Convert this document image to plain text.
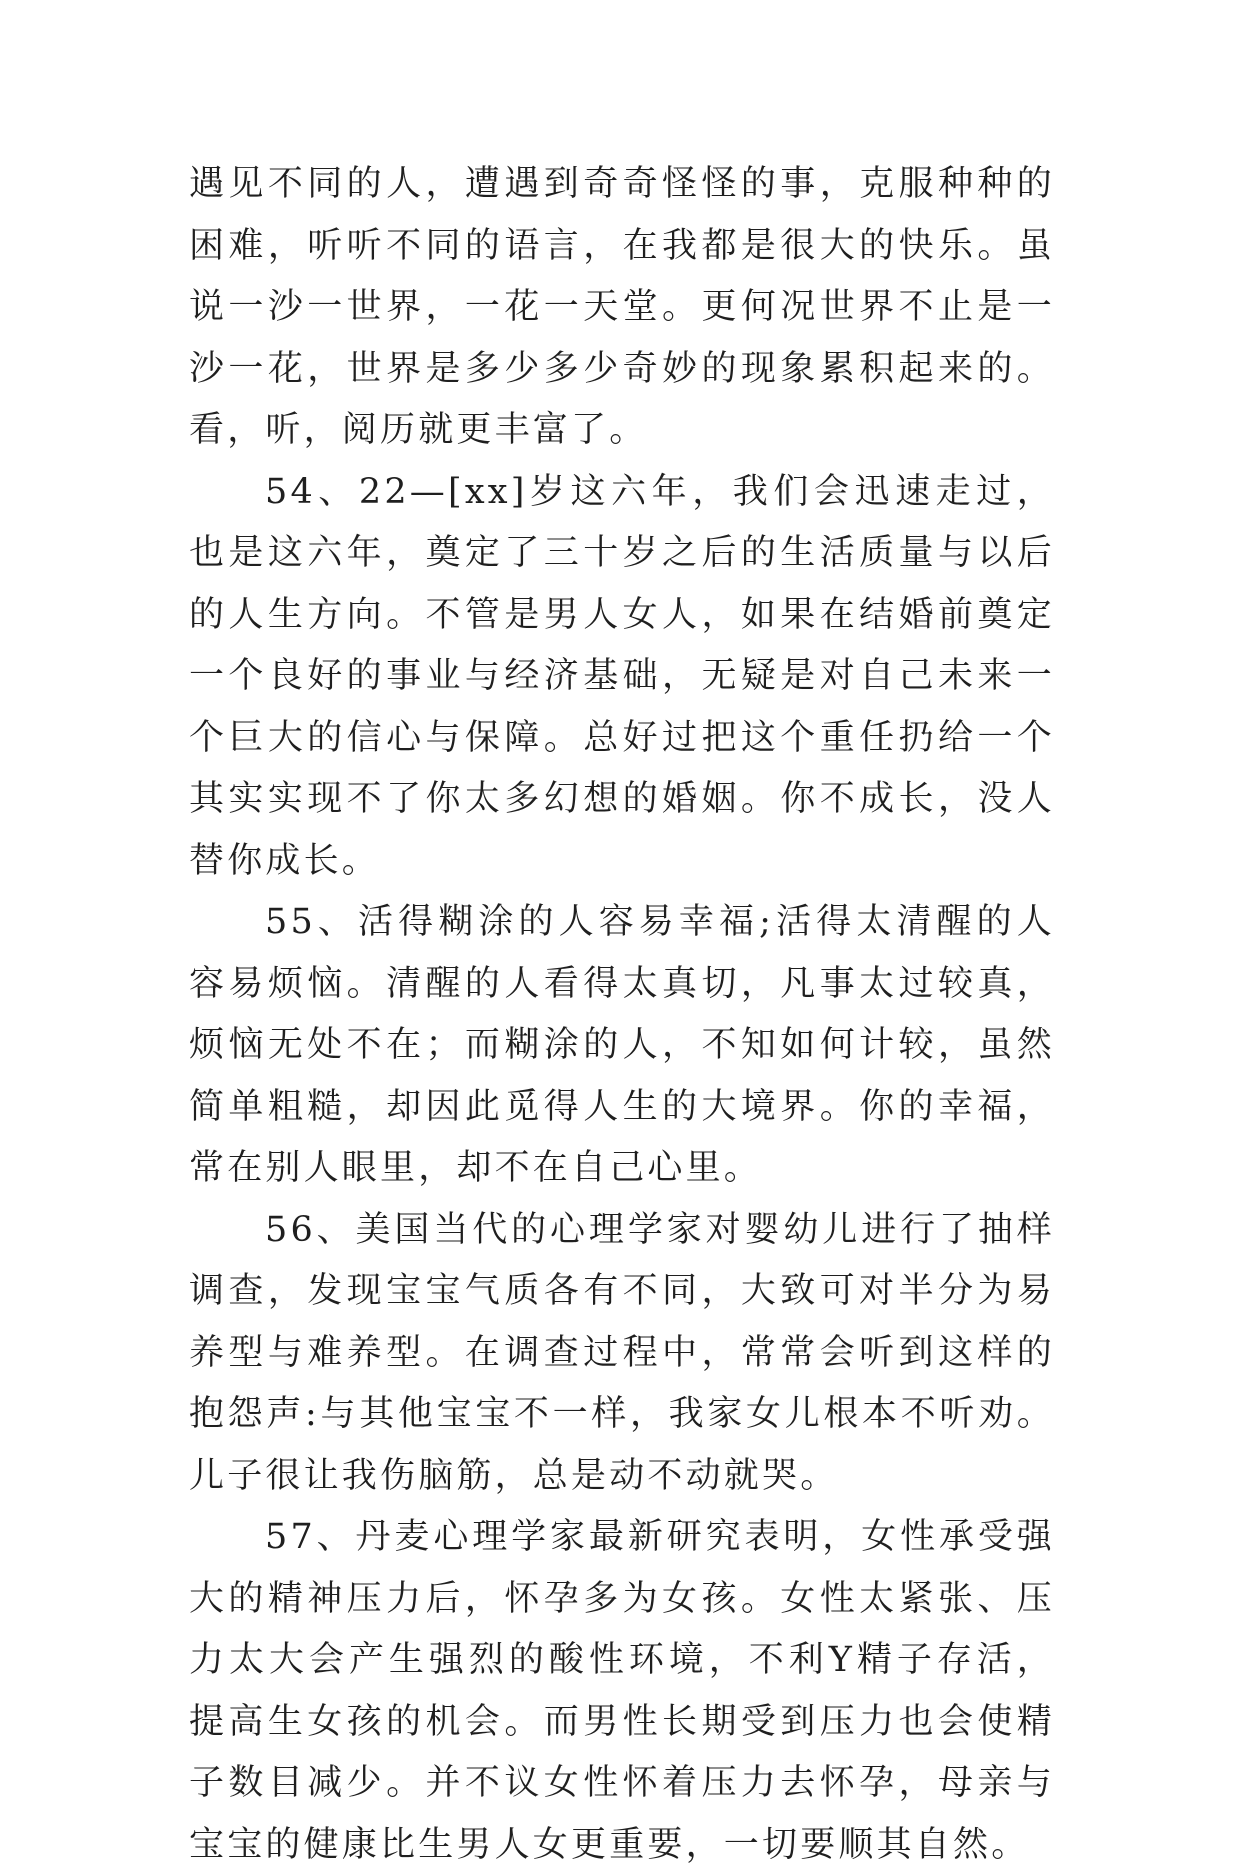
遇见不同的人，遭遇到奇奇怪怪的事，克服种种的困难，听听不同的语言，在我都是很大的快乐。虽说一沙一世界，一花一天堂。更何况世界不止是一沙一花，世界是多少多少奇妙的现象累积起来的。看，听，阅历就更丰富了。

54、22—[xx]岁这六年，我们会迅速走过，也是这六年，奠定了三十岁之后的生活质量与以后的人生方向。不管是男人女人，如果在结婚前奠定一个良好的事业与经济基础，无疑是对自己未来一个巨大的信心与保障。总好过把这个重任扔给一个其实实现不了你太多幻想的婚姻。你不成长，没人替你成长。

55、活得糊涂的人容易幸福;活得太清醒的人容易烦恼。清醒的人看得太真切，凡事太过较真，烦恼无处不在；而糊涂的人，不知如何计较，虽然简单粗糙，却因此觅得人生的大境界。你的幸福，常在别人眼里，却不在自己心里。

56、美国当代的心理学家对婴幼儿进行了抽样调查，发现宝宝气质各有不同，大致可对半分为易养型与难养型。在调查过程中，常常会听到这样的抱怨声:与其他宝宝不一样，我家女儿根本不听劝。儿子很让我伤脑筋，总是动不动就哭。

57、丹麦心理学家最新研究表明，女性承受强大的精神压力后，怀孕多为女孩。女性太紧张、压力太大会产生强烈的酸性环境，不利Y精子存活，提高生女孩的机会。而男性长期受到压力也会使精子数目减少。并不议女性怀着压力去怀孕，母亲与宝宝的健康比生男人女更重要，一切要顺其自然。
